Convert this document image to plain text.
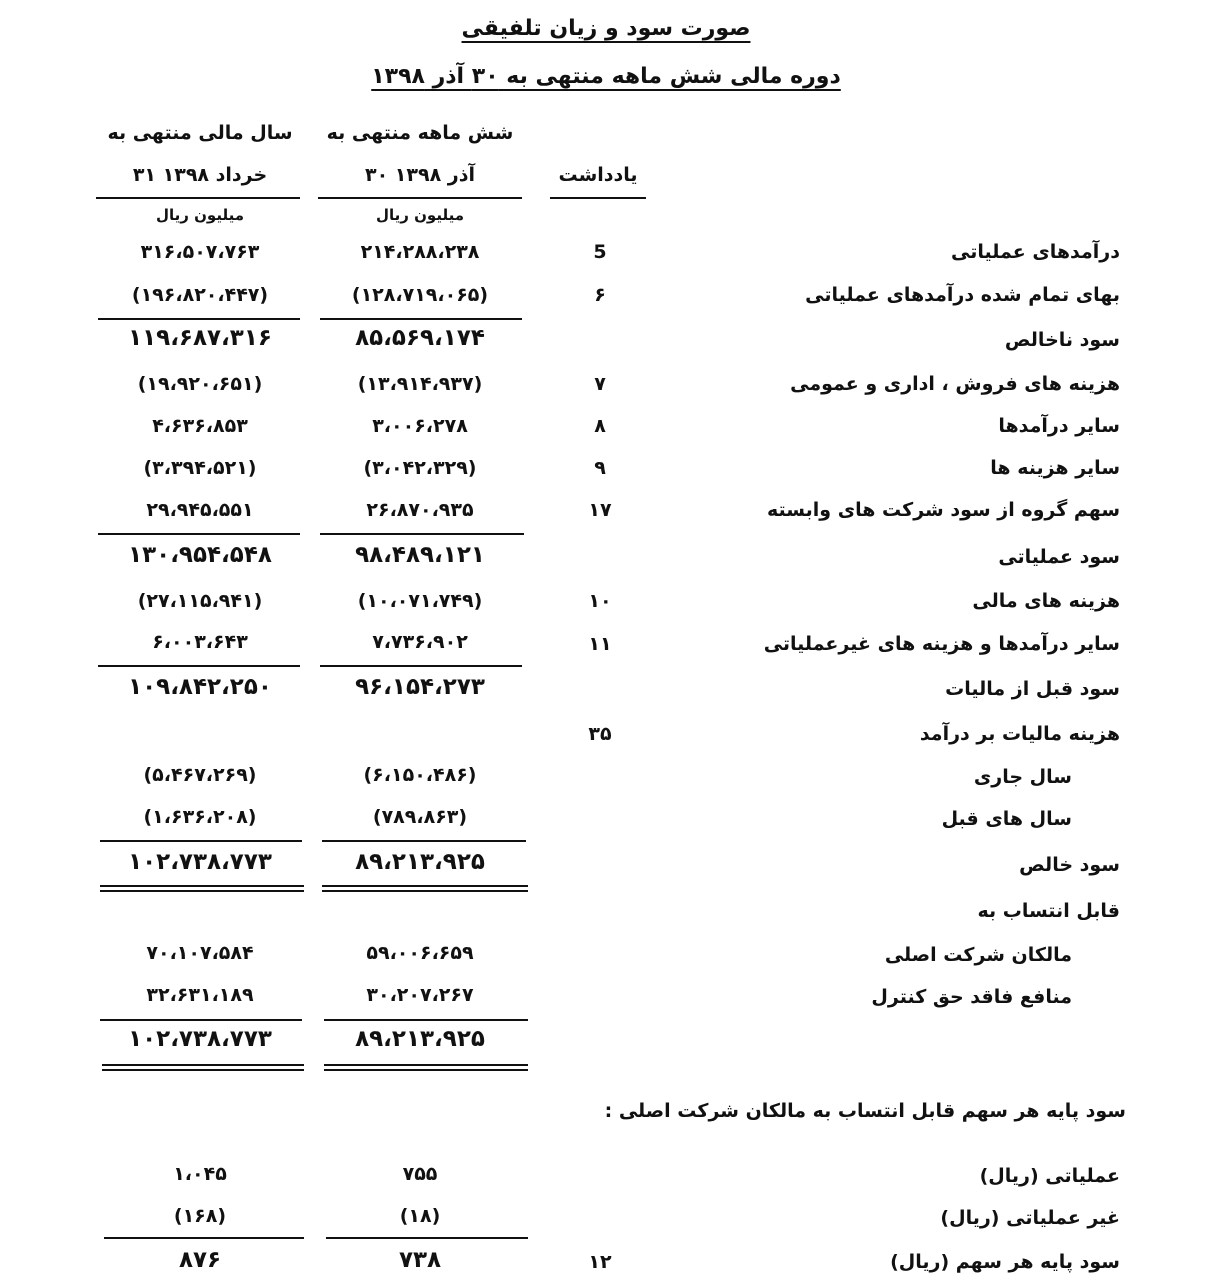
صورت سود و زیان تلفیقی
دوره مالی شش ماهه منتهی به ۳۰ آذر ۱۳۹۸
شش ماهه منتهی به
۳۰ آذر ۱۳۹۸
سال مالی منتهی به
۳۱ خرداد ۱۳۹۸	یادداشت
میلیون ریال
میلیون ریال
درآمدهای عملیاتی
5
۲۱۴،۲۸۸،۲۳۸
۳۱۶،۵۰۷،۷۶۳
بهای تمام شده درآمدهای عملیاتی
۶
(۱۲۸،۷۱۹،۰۶۵)
(۱۹۶،۸۲۰،۴۴۷)
سود ناخالص
۸۵،۵۶۹،۱۷۴
۱۱۹،۶۸۷،۳۱۶
هزینه های فروش ، اداری و عمومی
۷
(۱۳،۹۱۴،۹۳۷)
(۱۹،۹۲۰،۶۵۱)
سایر درآمدها
۸
۳،۰۰۶،۲۷۸
۴،۶۳۶،۸۵۳
سایر هزینه ها
۹
(۳،۰۴۲،۳۲۹)
(۳،۳۹۴،۵۲۱)
سهم گروه از سود شرکت های وابسته
۱۷
۲۶،۸۷۰،۹۳۵
۲۹،۹۴۵،۵۵۱
سود عملیاتی
۹۸،۴۸۹،۱۲۱
۱۳۰،۹۵۴،۵۴۸
هزینه های مالی
۱۰
(۱۰،۰۷۱،۷۴۹)
(۲۷،۱۱۵،۹۴۱)
سایر درآمدها و هزینه های غیرعملیاتی
۱۱
۷،۷۳۶،۹۰۲
۶،۰۰۳،۶۴۳
سود قبل از مالیات
۹۶،۱۵۴،۲۷۳
۱۰۹،۸۴۲،۲۵۰
هزینه مالیات بر درآمد
۳۵
سال جاری
(۶،۱۵۰،۴۸۶)
(۵،۴۶۷،۲۶۹)
سال های قبل
(۷۸۹،۸۶۳)
(۱،۶۳۶،۲۰۸)
سود خالص
۸۹،۲۱۳،۹۲۵
۱۰۲،۷۳۸،۷۷۳
قابل انتساب به
مالکان شرکت اصلی
۵۹،۰۰۶،۶۵۹
۷۰،۱۰۷،۵۸۴
منافع فاقد حق کنترل
۳۰،۲۰۷،۲۶۷
۳۲،۶۳۱،۱۸۹
۸۹،۲۱۳،۹۲۵
۱۰۲،۷۳۸،۷۷۳
سود پایه هر سهم قابل انتساب به مالکان شرکت اصلی :
عملیاتی (ریال)
۷۵۵
۱،۰۴۵
غیر عملیاتی (ریال)
(۱۸)
(۱۶۸)
سود پایه هر سهم (ریال)
۱۲
۷۳۸
۸۷۶
